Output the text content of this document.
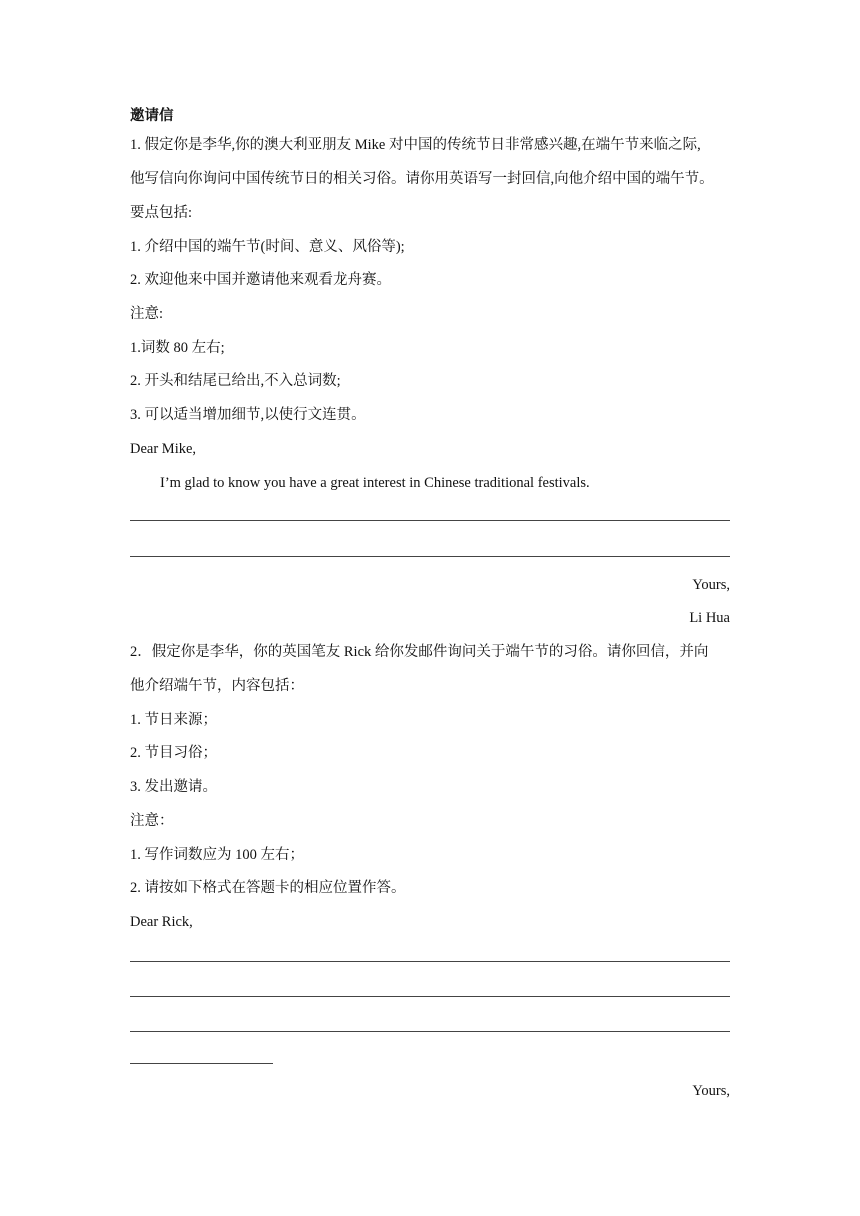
邀请信
1. 假定你是李华,你的澳大利亚朋友 Mike 对中国的传统节日非常感兴趣,在端午节来临之际,
他写信向你询问中国传统节日的相关习俗。请你用英语写一封回信,向他介绍中国的端午节。
要点包括:
1. 介绍中国的端午节(时间、意义、风俗等);
2. 欢迎他来中国并邀请他来观看龙舟赛。
注意:
1.词数 80 左右;
2. 开头和结尾已给出,不入总词数;
3. 可以适当增加细节,以使行文连贯。
Dear Mike,
I’m glad to know you have a great interest in Chinese traditional festivals.
Yours,
Li Hua
2．假定你是李华，你的英国笔友 Rick 给你发邮件询问关于端午节的习俗。请你回信，并向
他介绍端午节，内容包括：
1. 节日来源；
2. 节目习俗；
3. 发出邀请。
注意：
1. 写作词数应为 100 左右；
2. 请按如下格式在答题卡的相应位置作答。
Dear Rick,
Yours,
